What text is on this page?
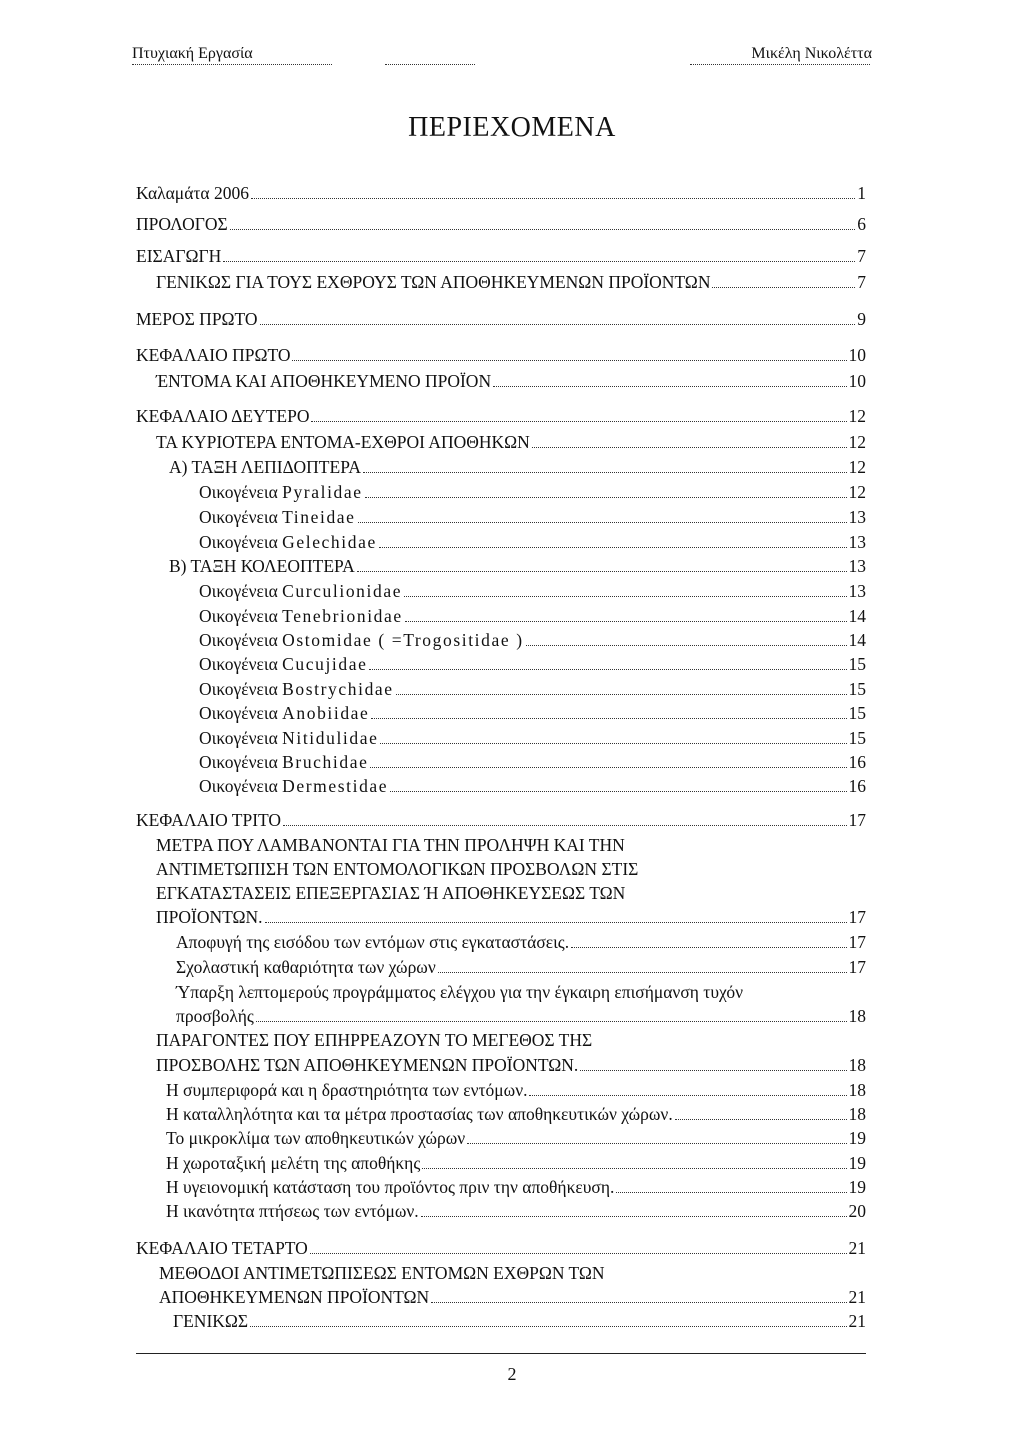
Πτυχιακή Εργασία	Μικέλη Νικολέττα
ΠΕΡΙΕΧΟΜΕΝΑ
Καλαμάτα 2006	1
ΠΡΟΛΟΓΟΣ	6
ΕΙΣΑΓΩΓΗ	7
ΓΕΝΙΚΩΣ ΓΙΑ ΤΟΥΣ ΕΧΘΡΟΥΣ ΤΩΝ ΑΠΟΘΗΚΕΥΜΕΝΩΝ ΠΡΟΪΟΝΤΩΝ	7
ΜΕΡΟΣ ΠΡΩΤΟ	9
ΚΕΦΑΛΑΙΟ ΠΡΩΤΟ	10
ΈΝΤΟΜΑ ΚΑΙ ΑΠΟΘΗΚΕΥΜΕΝΟ ΠΡΟΪΟΝ	10
ΚΕΦΑΛΑΙΟ ΔΕΥΤΕΡΟ	12
ΤΑ ΚΥΡΙΟΤΕΡΑ ΕΝΤΟΜΑ-ΕΧΘΡΟΙ ΑΠΟΘΗΚΩΝ	12
Α) ΤΑΞΗ ΛΕΠΙΔΟΠΤΕΡΑ	12
Οικογένεια Pyralidae	12
Οικογένεια Tineidae	13
Οικογένεια Gelechidae	13
Β) ΤΑΞΗ ΚΟΛΕΟΠΤΕΡΑ	13
Οικογένεια Curculionidae	13
Οικογένεια Tenebrionidae	14
Οικογένεια Ostomidae ( =Trogositidae )	14
Οικογένεια Cucujidae	15
Οικογένεια Bostrychidae	15
Οικογένεια Anobiidae	15
Οικογένεια Nitidulidae	15
Οικογένεια Bruchidae	16
Οικογένεια Dermestidae	16
ΚΕΦΑΛΑΙΟ ΤΡΙΤΟ	17
ΜΕΤΡΑ ΠΟΥ ΛΑΜΒΑΝΟΝΤΑΙ ΓΙΑ ΤΗΝ ΠΡΟΛΗΨΗ ΚΑΙ ΤΗΝ
ΑΝΤΙΜΕΤΩΠΙΣΗ ΤΩΝ ΕΝΤΟΜΟΛΟΓΙΚΩΝ ΠΡΟΣΒΟΛΩΝ ΣΤΙΣ
ΕΓΚΑΤΑΣΤΑΣΕΙΣ ΕΠΕΞΕΡΓΑΣΙΑΣ Ή ΑΠΟΘΗΚΕΥΣΕΩΣ ΤΩΝ
ΠΡΟΪΟΝΤΩΝ.	17
Αποφυγή της εισόδου των εντόμων στις εγκαταστάσεις.	17
Σχολαστική καθαριότητα των χώρων	17
Ύπαρξη λεπτομερούς προγράμματος ελέγχου για την έγκαιρη επισήμανση τυχόν
προσβολής	18
ΠΑΡΑΓΟΝΤΕΣ ΠΟΥ ΕΠΗΡΡΕΑΖΟΥΝ ΤΟ ΜΕΓΕΘΟΣ ΤΗΣ
ΠΡΟΣΒΟΛΗΣ ΤΩΝ ΑΠΟΘΗΚΕΥΜΕΝΩΝ ΠΡΟΪΟΝΤΩΝ.	18
Η συμπεριφορά και η δραστηριότητα των εντόμων.	18
Η καταλληλότητα και τα μέτρα προστασίας των αποθηκευτικών χώρων.	18
Το μικροκλίμα των αποθηκευτικών χώρων	19
Η χωροταξική μελέτη της αποθήκης	19
Η υγειονομική κατάσταση του προϊόντος πριν την αποθήκευση.	19
Η ικανότητα πτήσεως των εντόμων.	20
ΚΕΦΑΛΑΙΟ ΤΕΤΑΡΤΟ	21
ΜΕΘΟΔΟΙ ΑΝΤΙΜΕΤΩΠΙΣΕΩΣ ΕΝΤΟΜΩΝ ΕΧΘΡΩΝ ΤΩΝ
ΑΠΟΘΗΚΕΥΜΕΝΩΝ ΠΡΟΪΟΝΤΩΝ	21
ΓΕΝΙΚΩΣ	21
2
